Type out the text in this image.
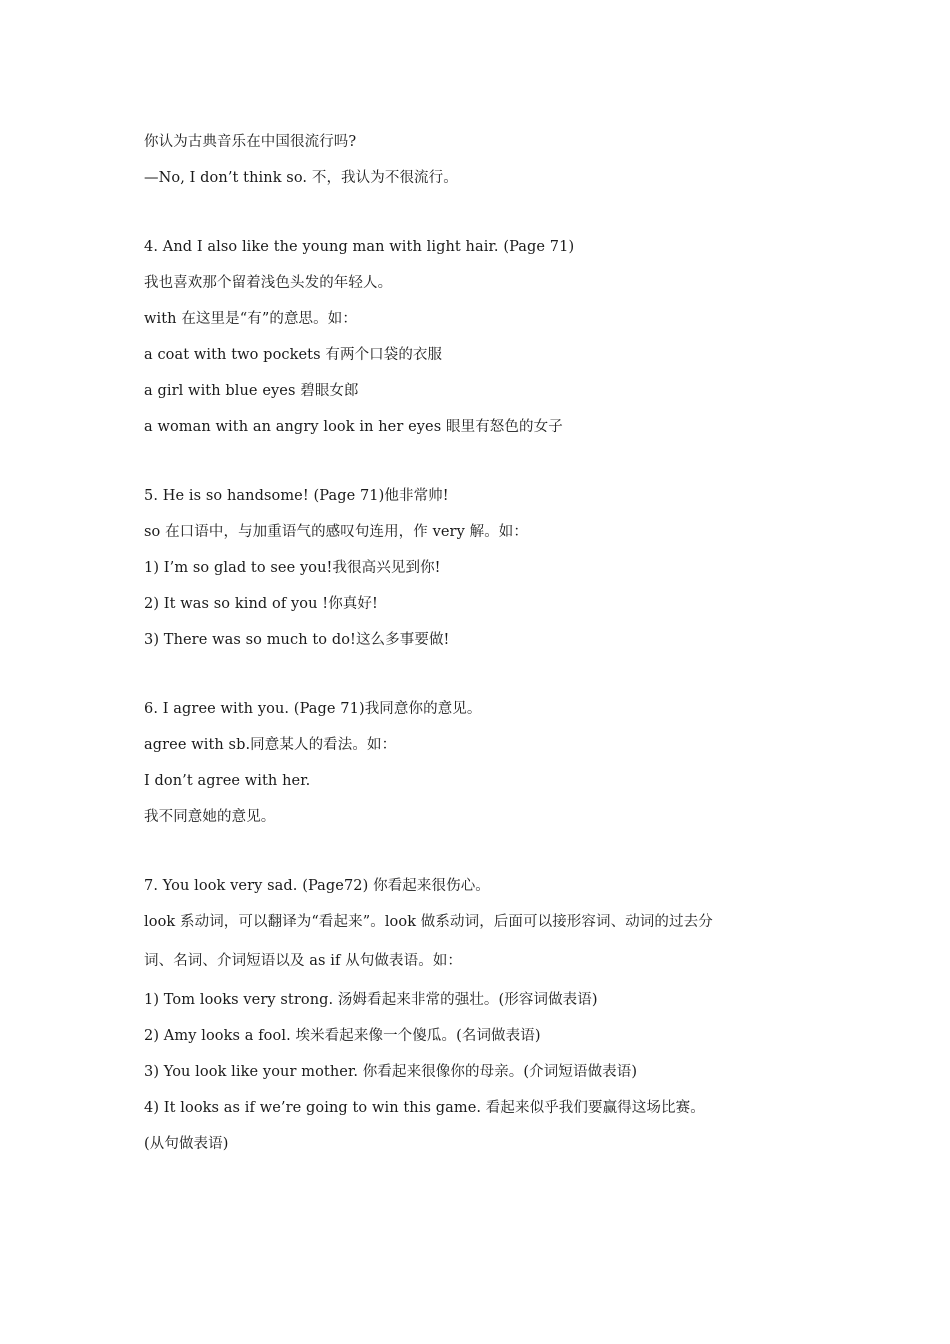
你认为古典音乐在中国很流行吗?
—No, I don’t think so. 不，我认为不很流行。
4. And I also like the young man with light hair. (Page 71)
我也喜欢那个留着浅色头发的年轻人。
with 在这里是“有”的意思。如：
a coat with two pockets 有两个口袋的衣服
a girl with blue eyes 碧眼女郎
a woman with an angry look in her eyes 眼里有怒色的女子
5. He is so handsome! (Page 71)他非常帅!
so 在口语中，与加重语气的感叹句连用，作 very 解。如：
1) I’m so glad to see you!我很高兴见到你!
2) It was so kind of you !你真好!
3) There was so much to do!这么多事要做!
6. I agree with you. (Page 71)我同意你的意见。
agree with sb.同意某人的看法。如：
I don’t agree with her.
我不同意她的意见。
7. You look very sad. (Page72) 你看起来很伤心。
look 系动词，可以翻译为“看起来”。look 做系动词，后面可以接形容词、动词的过去分
词、名词、介词短语以及 as if 从句做表语。如：
1) Tom looks very strong. 汤姆看起来非常的强壮。(形容词做表语)
2) Amy looks a fool. 埃米看起来像一个傻瓜。(名词做表语)
3) You look like your mother. 你看起来很像你的母亲。(介词短语做表语)
4) It looks as if we’re going to win this game. 看起来似乎我们要赢得这场比赛。
(从句做表语)
